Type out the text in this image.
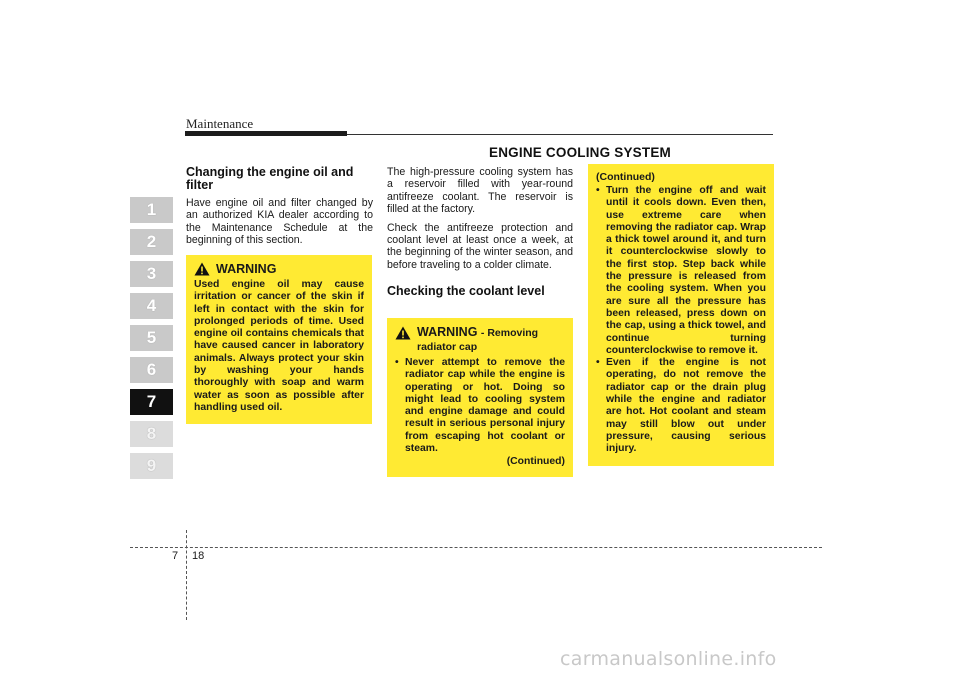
Maintenance
1
2
3
4
5
6
7
8
9
Changing the engine oil and filter
Have engine oil and filter changed by an authorized KIA dealer according to the Maintenance Schedule at the beginning of this section.
WARNING
Used engine oil may cause irritation or cancer of the skin if left in contact with the skin for prolonged periods of time. Used engine oil contains chemicals that have caused cancer in laboratory animals. Always protect your skin by washing your hands thoroughly with soap and warm water as soon as possible after handling used oil.
ENGINE COOLING SYSTEM
The high-pressure cooling system has a reservoir filled with year-round antifreeze coolant. The reservoir is filled at the factory.
Check the antifreeze protection and coolant level at least once a week, at the beginning of the winter season, and before traveling to a colder climate.
Checking the coolant level
WARNING - Removing radiator cap
• Never attempt to remove the radiator cap while the engine is operating or hot. Doing so might lead to cooling system and engine damage and could result in serious personal injury from escaping hot coolant or steam.
(Continued)
(Continued)
• Turn the engine off and wait until it cools down. Even then, use extreme care when removing the radiator cap. Wrap a thick towel around it, and turn it counterclockwise slowly to the first stop. Step back while the pressure is released from the cooling system. When you are sure all the pressure has been released, press down on the cap, using a thick towel, and continue turning counterclockwise to remove it.
• Even if the engine is not operating, do not remove the radiator cap or the drain plug while the engine and radiator are hot. Hot coolant and steam may still blow out under pressure, causing serious injury.
7 18
carmanualsonline.info
